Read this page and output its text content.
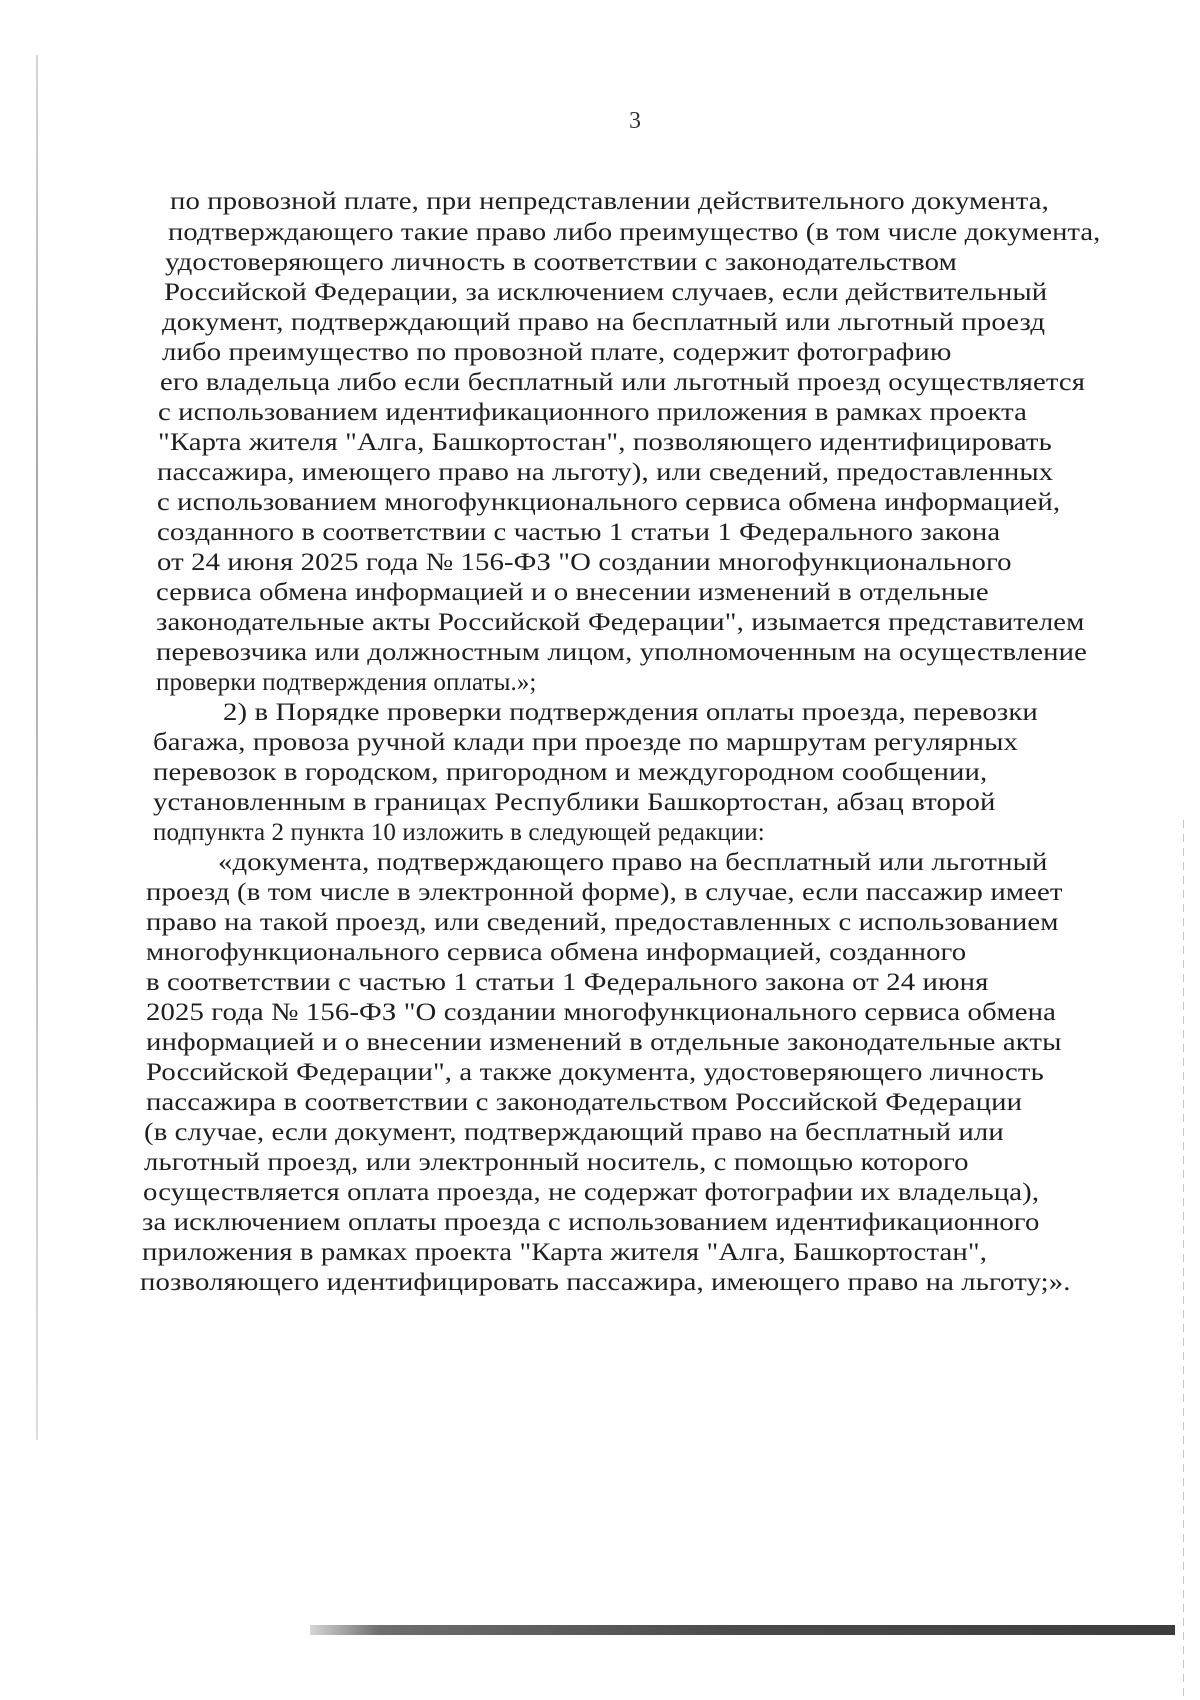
3
по провозной плате, при непредставлении действительного документа,
подтверждающего такие право либо преимущество (в том числе документа,
удостоверяющего личность в соответствии с законодательством
Российской Федерации, за исключением случаев, если действительный
документ, подтверждающий право на бесплатный или льготный проезд
либо преимущество по провозной плате, содержит фотографию
его владельца либо если бесплатный или льготный проезд осуществляется
с использованием идентификационного приложения в рамках проекта
"Карта жителя "Алга, Башкортостан", позволяющего идентифицировать
пассажира, имеющего право на льготу), или сведений, предоставленных
с использованием многофункционального сервиса обмена информацией,
созданного в соответствии с частью 1 статьи 1 Федерального закона
от 24 июня 2025 года № 156-ФЗ "О создании многофункционального
сервиса обмена информацией и о внесении изменений в отдельные
законодательные акты Российской Федерации", изымается представителем
перевозчика или должностным лицом, уполномоченным на осуществление
проверки подтверждения оплаты.»;
2) в Порядке проверки подтверждения оплаты проезда, перевозки
багажа, провоза ручной клади при проезде по маршрутам регулярных
перевозок в городском, пригородном и междугородном сообщении,
установленным в границах Республики Башкортостан, абзац второй
подпункта 2 пункта 10 изложить в следующей редакции:
«документа, подтверждающего право на бесплатный или льготный
проезд (в том числе в электронной форме), в случае, если пассажир имеет
право на такой проезд, или сведений, предоставленных с использованием
многофункционального сервиса обмена информацией, созданного
в соответствии с частью 1 статьи 1 Федерального закона от 24 июня
2025 года № 156-ФЗ "О создании многофункционального сервиса обмена
информацией и о внесении изменений в отдельные законодательные акты
Российской Федерации", а также документа, удостоверяющего личность
пассажира в соответствии с законодательством Российской Федерации
(в случае, если документ, подтверждающий право на бесплатный или
льготный проезд, или электронный носитель, с помощью которого
осуществляется оплата проезда, не содержат фотографии их владельца),
за исключением оплаты проезда с использованием идентификационного
приложения в рамках проекта "Карта жителя "Алга, Башкортостан",
позволяющего идентифицировать пассажира, имеющего право на льготу;».
